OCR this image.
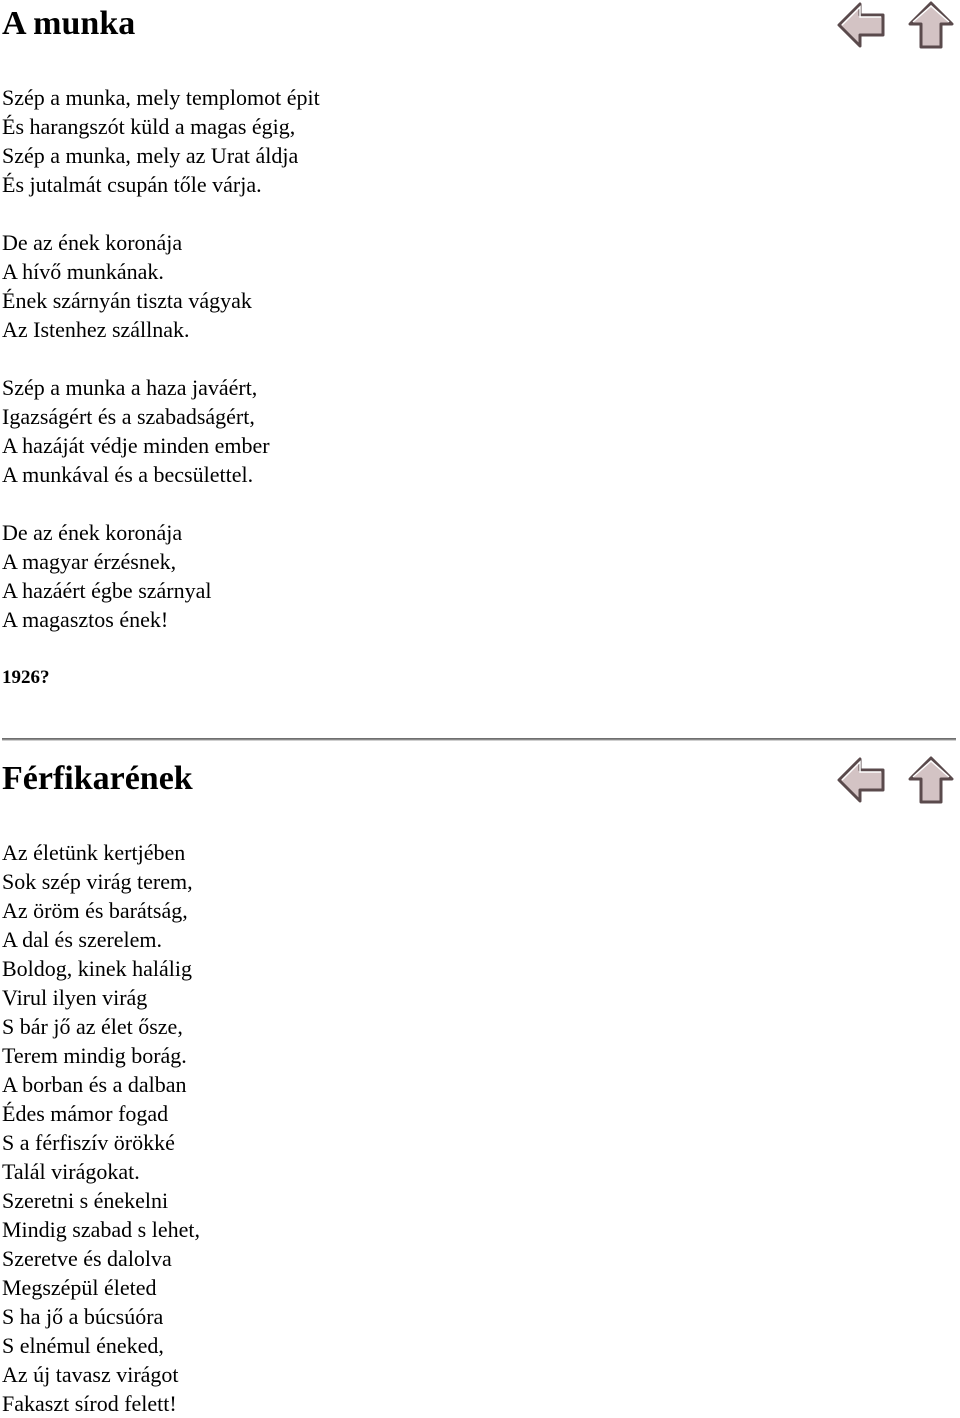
A munka
Szép a munka, mely templomot épit
És harangszót küld a magas égig,
Szép a munka, mely az Urat áldja
És jutalmát csupán tőle várja.
De az ének koronája
A hívő munkának.
Ének szárnyán tiszta vágyak
Az Istenhez szállnak.
Szép a munka a haza javáért,
Igazságért és a szabadságért,
A hazáját védje minden ember
A munkával és a becsülettel.
De az ének koronája
A magyar érzésnek,
A hazáért égbe szárnyal
A magasztos ének!
1926?
Férfikarének
Az életünk kertjében
Sok szép virág terem,
Az öröm és barátság,
A dal és szerelem.
Boldog, kinek halálig
Virul ilyen virág
S bár jő az élet ősze,
Terem mindig borág.
A borban és a dalban
Édes mámor fogad
S a férfiszív örökké
Talál virágokat.
Szeretni s énekelni
Mindig szabad s lehet,
Szeretve és dalolva
Megszépül életed
S ha jő a búcsúóra
S elnémul éneked,
Az új tavasz virágot
Fakaszt sírod felett!
